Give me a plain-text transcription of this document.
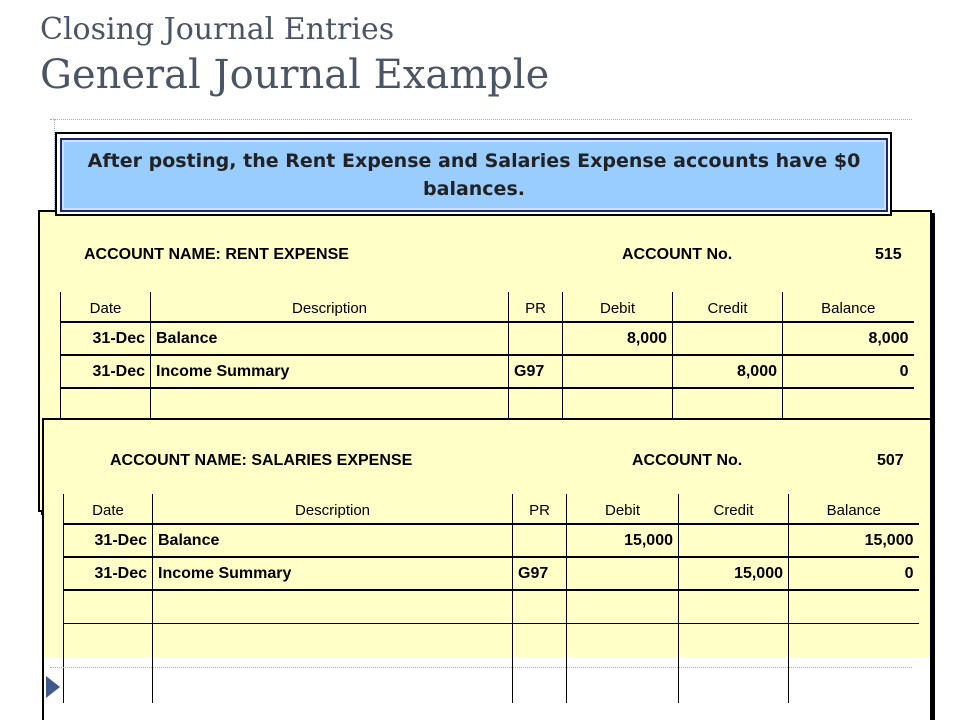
Closing Journal Entries
General Journal Example
ACCOUNT NAME: RENT EXPENSE	ACCOUNT No.	515
Date	Description	PR	Debit	Credit	Balance
31-Dec	Balance		8,000		8,000
31-Dec	Income Summary	G97		8,000	0

After posting, the Rent Expense and Salaries Expense accounts have $0 balances.

ACCOUNT NAME: SALARIES EXPENSE	ACCOUNT No.	507
Date	Description	PR	Debit	Credit	Balance
31-Dec	Balance		15,000		15,000
31-Dec	Income Summary	G97		15,000	0
